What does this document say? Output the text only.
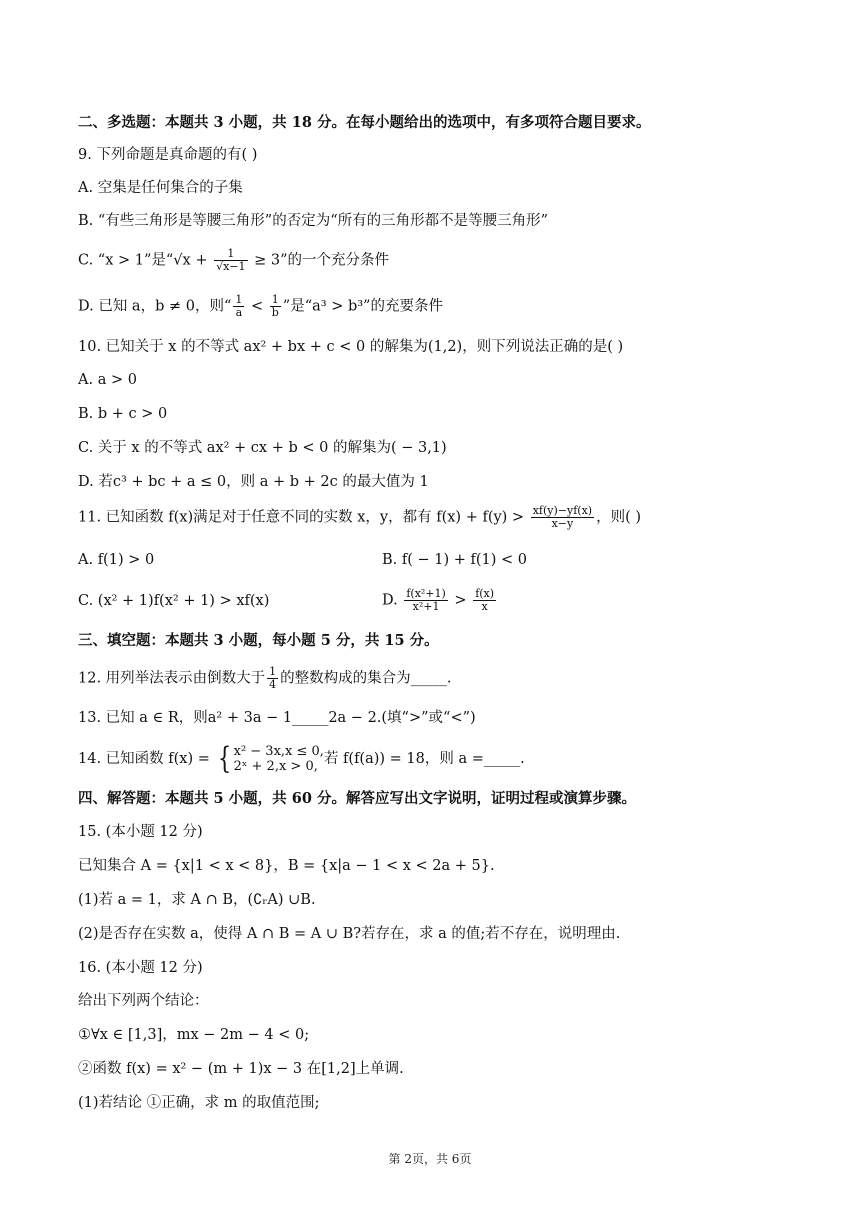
二、多选题：本题共 3 小题，共 18 分。在每小题给出的选项中，有多项符合题目要求。
9. 下列命题是真命题的有( )
A. 空集是任何集合的子集
B. “有些三角形是等腰三角形”的否定为“所有的三角形都不是等腰三角形”
C. “x > 1”是“$√x + \frac{1}{√x-1} \ge 3$”的一个充分条件
D. 已知 a，b ≠ 0，则“ $\frac{1}{a} < \frac{1}{b}$ ”是“a³ > b³”的充要条件
10. 已知关于 x 的不等式 ax² + bx + c < 0 的解集为(1,2)，则下列说法正确的是( )
A. a > 0
B. b + c > 0
C. 关于 x 的不等式 ax² + cx + b < 0 的解集为( − 3,1)
D. 若c³ + bc + a ≤ 0，则 a + b + 2c 的最大值为 1
11. 已知函数 f(x)满足对于任意不同的实数 x，y，都有 $f(x) + f(y) > \frac{xf(y)-yf(x)}{x-y}$ ，则( )
A. f(1) > 0	B. f( − 1) + f(1) < 0
C. (x² + 1)f(x² + 1) > xf(x)	D. $\frac{\text{f(x²+1)}}{\text{x²+1}} > \frac{f(x)}{x}$
三、填空题：本题共 3 小题，每小题 5 分，共 15 分。
12. 用列举法表示由倒数大于 $\frac{1}{4}$ 的整数构成的集合为_____.
13. 已知 a ∈ R，则a² + 3a − 1_____2a − 2.(填“>”或“<”)
14. 已知函数 f(x) = { x² − 3x,x ≤ 0,
2ˣ + 2,x > 0, 若 f(f(a)) = 18，则 a =_____.
四、解答题：本题共 5 小题，共 60 分。解答应写出文字说明，证明过程或演算步骤。
15. (本小题 12 分)
已知集合 A = {x|1 < x < 8}，B = {x|a − 1 < x < 2a + 5}.
(1)若 a = 1，求 A ∩ B，(∁ᵣA) ∪B.
(2)是否存在实数 a，使得 A ∩ B = A ∪ B?若存在，求 a 的值;若不存在，说明理由.
16. (本小题 12 分)
给出下列两个结论：
①∀x ∈ [1,3]，mx − 2m − 4 < 0;
②函数 f(x) = x² − (m + 1)x − 3 在[1,2]上单调.
(1)若结论 ①正确，求 m 的取值范围;
第 2页，共 6页
